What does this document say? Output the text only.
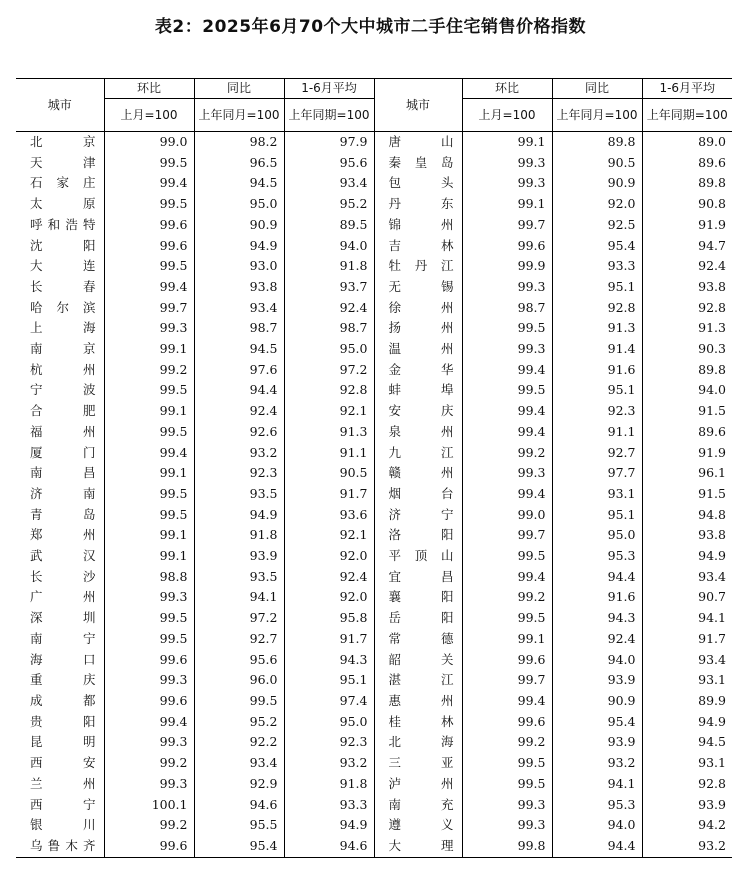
表2：2025年6月70个大中城市二手住宅销售价格指数
城市	环比	同比	1-6月平均	城市	环比	同比	1-6月平均
	上月=100	上年同月=100	上年同期=100		上月=100	上年同月=100	上年同期=100
北京	99.0	98.2	97.9	唐山	99.1	89.8	89.0
天津	99.5	96.5	95.6	秦皇岛	99.3	90.5	89.6
石家庄	99.4	94.5	93.4	包头	99.3	90.9	89.8
太原	99.5	95.0	95.2	丹东	99.1	92.0	90.8
呼和浩特	99.6	90.9	89.5	锦州	99.7	92.5	91.9
沈阳	99.6	94.9	94.0	吉林	99.6	95.4	94.7
大连	99.5	93.0	91.8	牡丹江	99.9	93.3	92.4
长春	99.4	93.8	93.7	无锡	99.3	95.1	93.8
哈尔滨	99.7	93.4	92.4	徐州	98.7	92.8	92.8
上海	99.3	98.7	98.7	扬州	99.5	91.3	91.3
南京	99.1	94.5	95.0	温州	99.3	91.4	90.3
杭州	99.2	97.6	97.2	金华	99.4	91.6	89.8
宁波	99.5	94.4	92.8	蚌埠	99.5	95.1	94.0
合肥	99.1	92.4	92.1	安庆	99.4	92.3	91.5
福州	99.5	92.6	91.3	泉州	99.4	91.1	89.6
厦门	99.4	93.2	91.1	九江	99.2	92.7	91.9
南昌	99.1	92.3	90.5	赣州	99.3	97.7	96.1
济南	99.5	93.5	91.7	烟台	99.4	93.1	91.5
青岛	99.5	94.9	93.6	济宁	99.0	95.1	94.8
郑州	99.1	91.8	92.1	洛阳	99.7	95.0	93.8
武汉	99.1	93.9	92.0	平顶山	99.5	95.3	94.9
长沙	98.8	93.5	92.4	宜昌	99.4	94.4	93.4
广州	99.3	94.1	92.0	襄阳	99.2	91.6	90.7
深圳	99.5	97.2	95.8	岳阳	99.5	94.3	94.1
南宁	99.5	92.7	91.7	常德	99.1	92.4	91.7
海口	99.6	95.6	94.3	韶关	99.6	94.0	93.4
重庆	99.3	96.0	95.1	湛江	99.7	93.9	93.1
成都	99.6	99.5	97.4	惠州	99.4	90.9	89.9
贵阳	99.4	95.2	95.0	桂林	99.6	95.4	94.9
昆明	99.3	92.2	92.3	北海	99.2	93.9	94.5
西安	99.2	93.4	93.2	三亚	99.5	93.2	93.1
兰州	99.3	92.9	91.8	泸州	99.5	94.1	92.8
西宁	100.1	94.6	93.3	南充	99.3	95.3	93.9
银川	99.2	95.5	94.9	遵义	99.3	94.0	94.2
乌鲁木齐	99.6	95.4	94.6	大理	99.8	94.4	93.2
